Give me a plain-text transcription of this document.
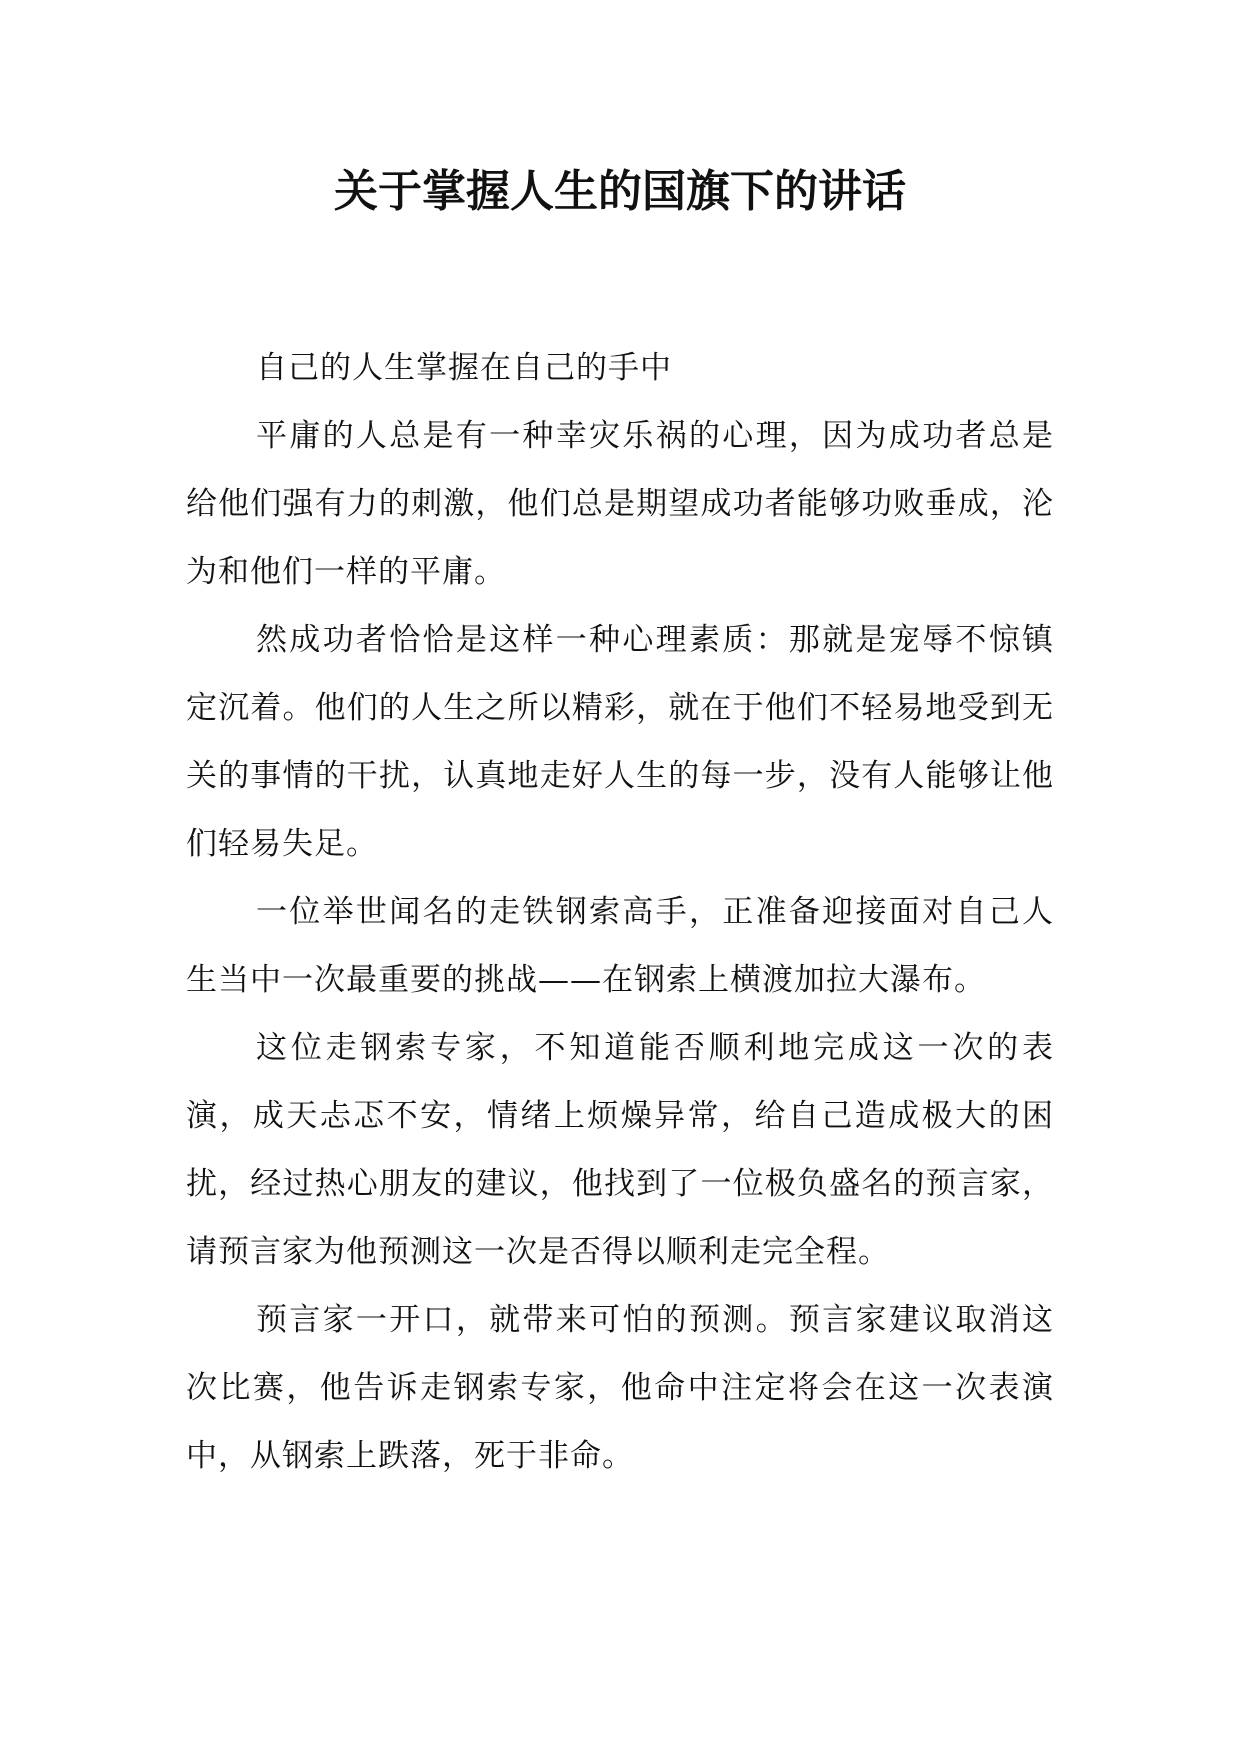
关于掌握人生的国旗下的讲话

自己的人生掌握在自己的手中

平庸的人总是有一种幸灾乐祸的心理，因为成功者总是给他们强有力的刺激，他们总是期望成功者能够功败垂成，沦为和他们一样的平庸。

然成功者恰恰是这样一种心理素质：那就是宠辱不惊镇定沉着。他们的人生之所以精彩，就在于他们不轻易地受到无关的事情的干扰，认真地走好人生的每一步，没有人能够让他们轻易失足。

一位举世闻名的走铁钢索高手，正准备迎接面对自己人生当中一次最重要的挑战——在钢索上横渡加拉大瀑布。

这位走钢索专家，不知道能否顺利地完成这一次的表演，成天忐忑不安，情绪上烦燥异常，给自己造成极大的困扰，经过热心朋友的建议，他找到了一位极负盛名的预言家，请预言家为他预测这一次是否得以顺利走完全程。

预言家一开口，就带来可怕的预测。预言家建议取消这次比赛，他告诉走钢索专家，他命中注定将会在这一次表演中，从钢索上跌落，死于非命。
